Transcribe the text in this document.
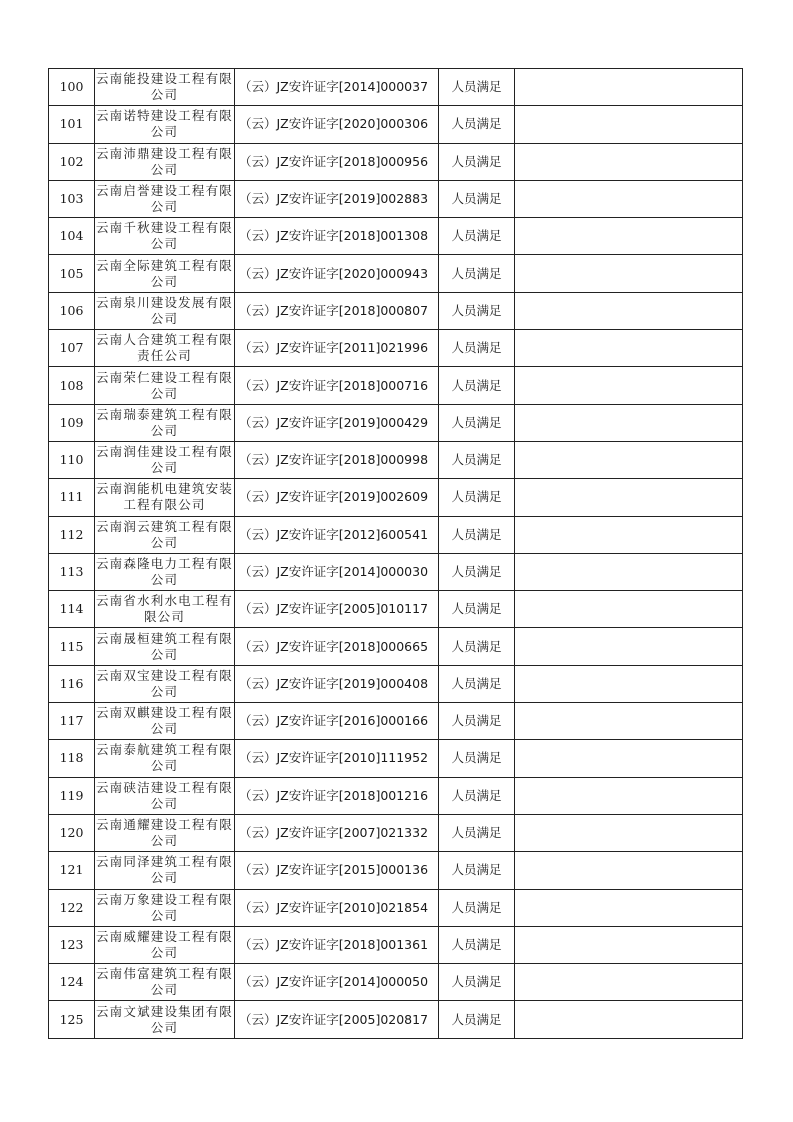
100	云南能投建设工程有限公司	（云）JZ安许证字[2014]000037	人员满足	
101	云南诺特建设工程有限公司	（云）JZ安许证字[2020]000306	人员满足	
102	云南沛鼎建设工程有限公司	（云）JZ安许证字[2018]000956	人员满足	
103	云南启誉建设工程有限公司	（云）JZ安许证字[2019]002883	人员满足	
104	云南千秋建设工程有限公司	（云）JZ安许证字[2018]001308	人员满足	
105	云南全际建筑工程有限公司	（云）JZ安许证字[2020]000943	人员满足	
106	云南泉川建设发展有限公司	（云）JZ安许证字[2018]000807	人员满足	
107	云南人合建筑工程有限责任公司	（云）JZ安许证字[2011]021996	人员满足	
108	云南荣仁建设工程有限公司	（云）JZ安许证字[2018]000716	人员满足	
109	云南瑞泰建筑工程有限公司	（云）JZ安许证字[2019]000429	人员满足	
110	云南润佳建设工程有限公司	（云）JZ安许证字[2018]000998	人员满足	
111	云南润能机电建筑安装工程有限公司	（云）JZ安许证字[2019]002609	人员满足	
112	云南润云建筑工程有限公司	（云）JZ安许证字[2012]600541	人员满足	
113	云南森隆电力工程有限公司	（云）JZ安许证字[2014]000030	人员满足	
114	云南省水利水电工程有限公司	（云）JZ安许证字[2005]010117	人员满足	
115	云南晟桓建筑工程有限公司	（云）JZ安许证字[2018]000665	人员满足	
116	云南双宝建设工程有限公司	（云）JZ安许证字[2019]000408	人员满足	
117	云南双麒建设工程有限公司	（云）JZ安许证字[2016]000166	人员满足	
118	云南泰航建筑工程有限公司	（云）JZ安许证字[2010]111952	人员满足	
119	云南硖洁建设工程有限公司	（云）JZ安许证字[2018]001216	人员满足	
120	云南通耀建设工程有限公司	（云）JZ安许证字[2007]021332	人员满足	
121	云南同泽建筑工程有限公司	（云）JZ安许证字[2015]000136	人员满足	
122	云南万象建设工程有限公司	（云）JZ安许证字[2010]021854	人员满足	
123	云南威耀建设工程有限公司	（云）JZ安许证字[2018]001361	人员满足	
124	云南伟富建筑工程有限公司	（云）JZ安许证字[2014]000050	人员满足	
125	云南文斌建设集团有限公司	（云）JZ安许证字[2005]020817	人员满足	
